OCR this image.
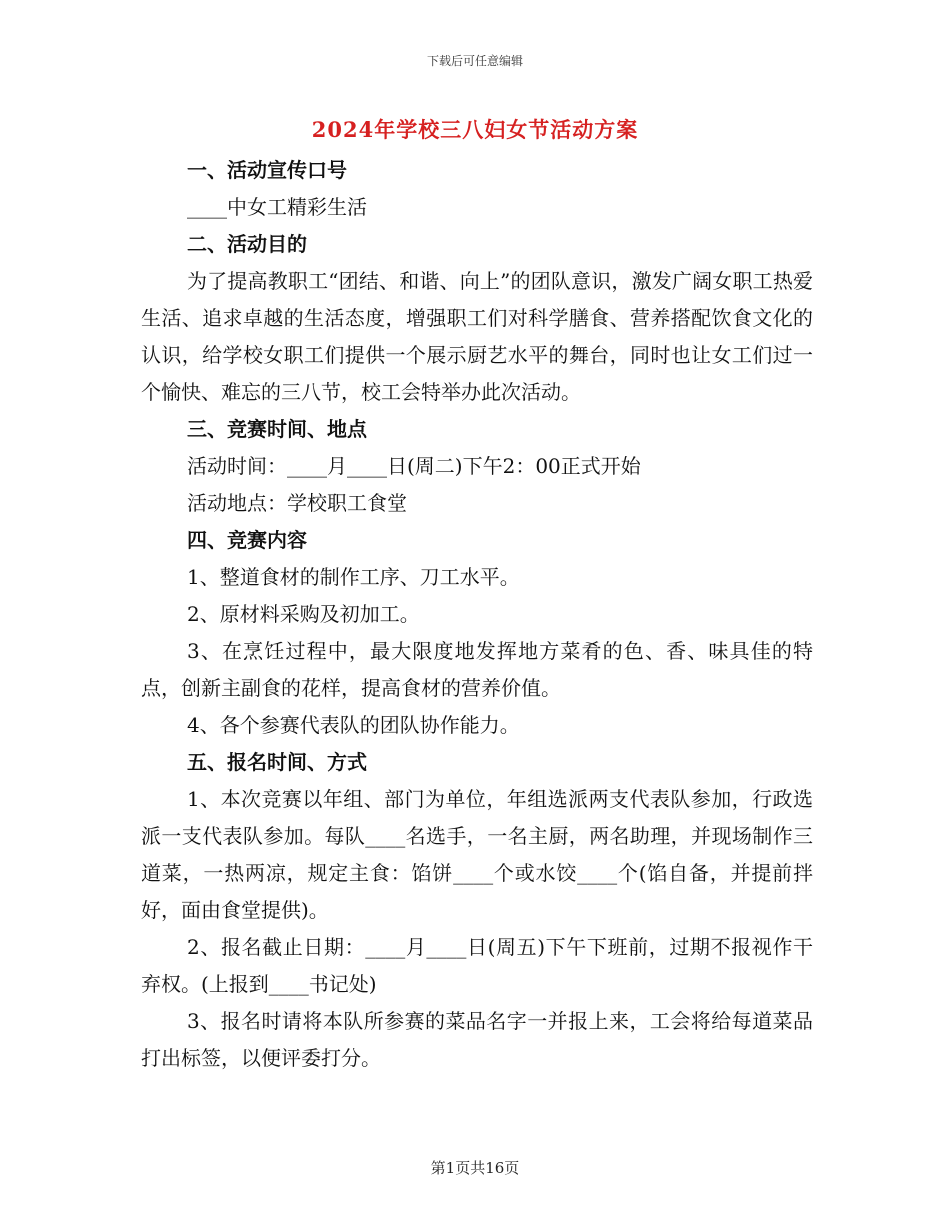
下载后可任意编辑
2024年学校三八妇女节活动方案
一、活动宣传口号
____中女工精彩生活
二、活动目的
为了提高教职工“团结、和谐、向上”的团队意识，激发广阔女职工热爱生活、追求卓越的生活态度，增强职工们对科学膳食、营养搭配饮食文化的认识，给学校女职工们提供一个展示厨艺水平的舞台，同时也让女工们过一个愉快、难忘的三八节，校工会特举办此次活动。
三、竞赛时间、地点
活动时间：____月____日(周二)下午2：00正式开始
活动地点：学校职工食堂
四、竞赛内容
1、整道食材的制作工序、刀工水平。
2、原材料采购及初加工。
3、在烹饪过程中，最大限度地发挥地方菜肴的色、香、味具佳的特点，创新主副食的花样，提高食材的营养价值。
4、各个参赛代表队的团队协作能力。
五、报名时间、方式
1、本次竞赛以年组、部门为单位，年组选派两支代表队参加，行政选派一支代表队参加。每队____名选手，一名主厨，两名助理，并现场制作三道菜，一热两凉，规定主食：馅饼____个或水饺____个(馅自备，并提前拌好，面由食堂提供)。
2、报名截止日期：____月____日(周五)下午下班前，过期不报视作干弃权。(上报到____书记处)
3、报名时请将本队所参赛的菜品名字一并报上来，工会将给每道菜品打出标签，以便评委打分。
第1页共16页
